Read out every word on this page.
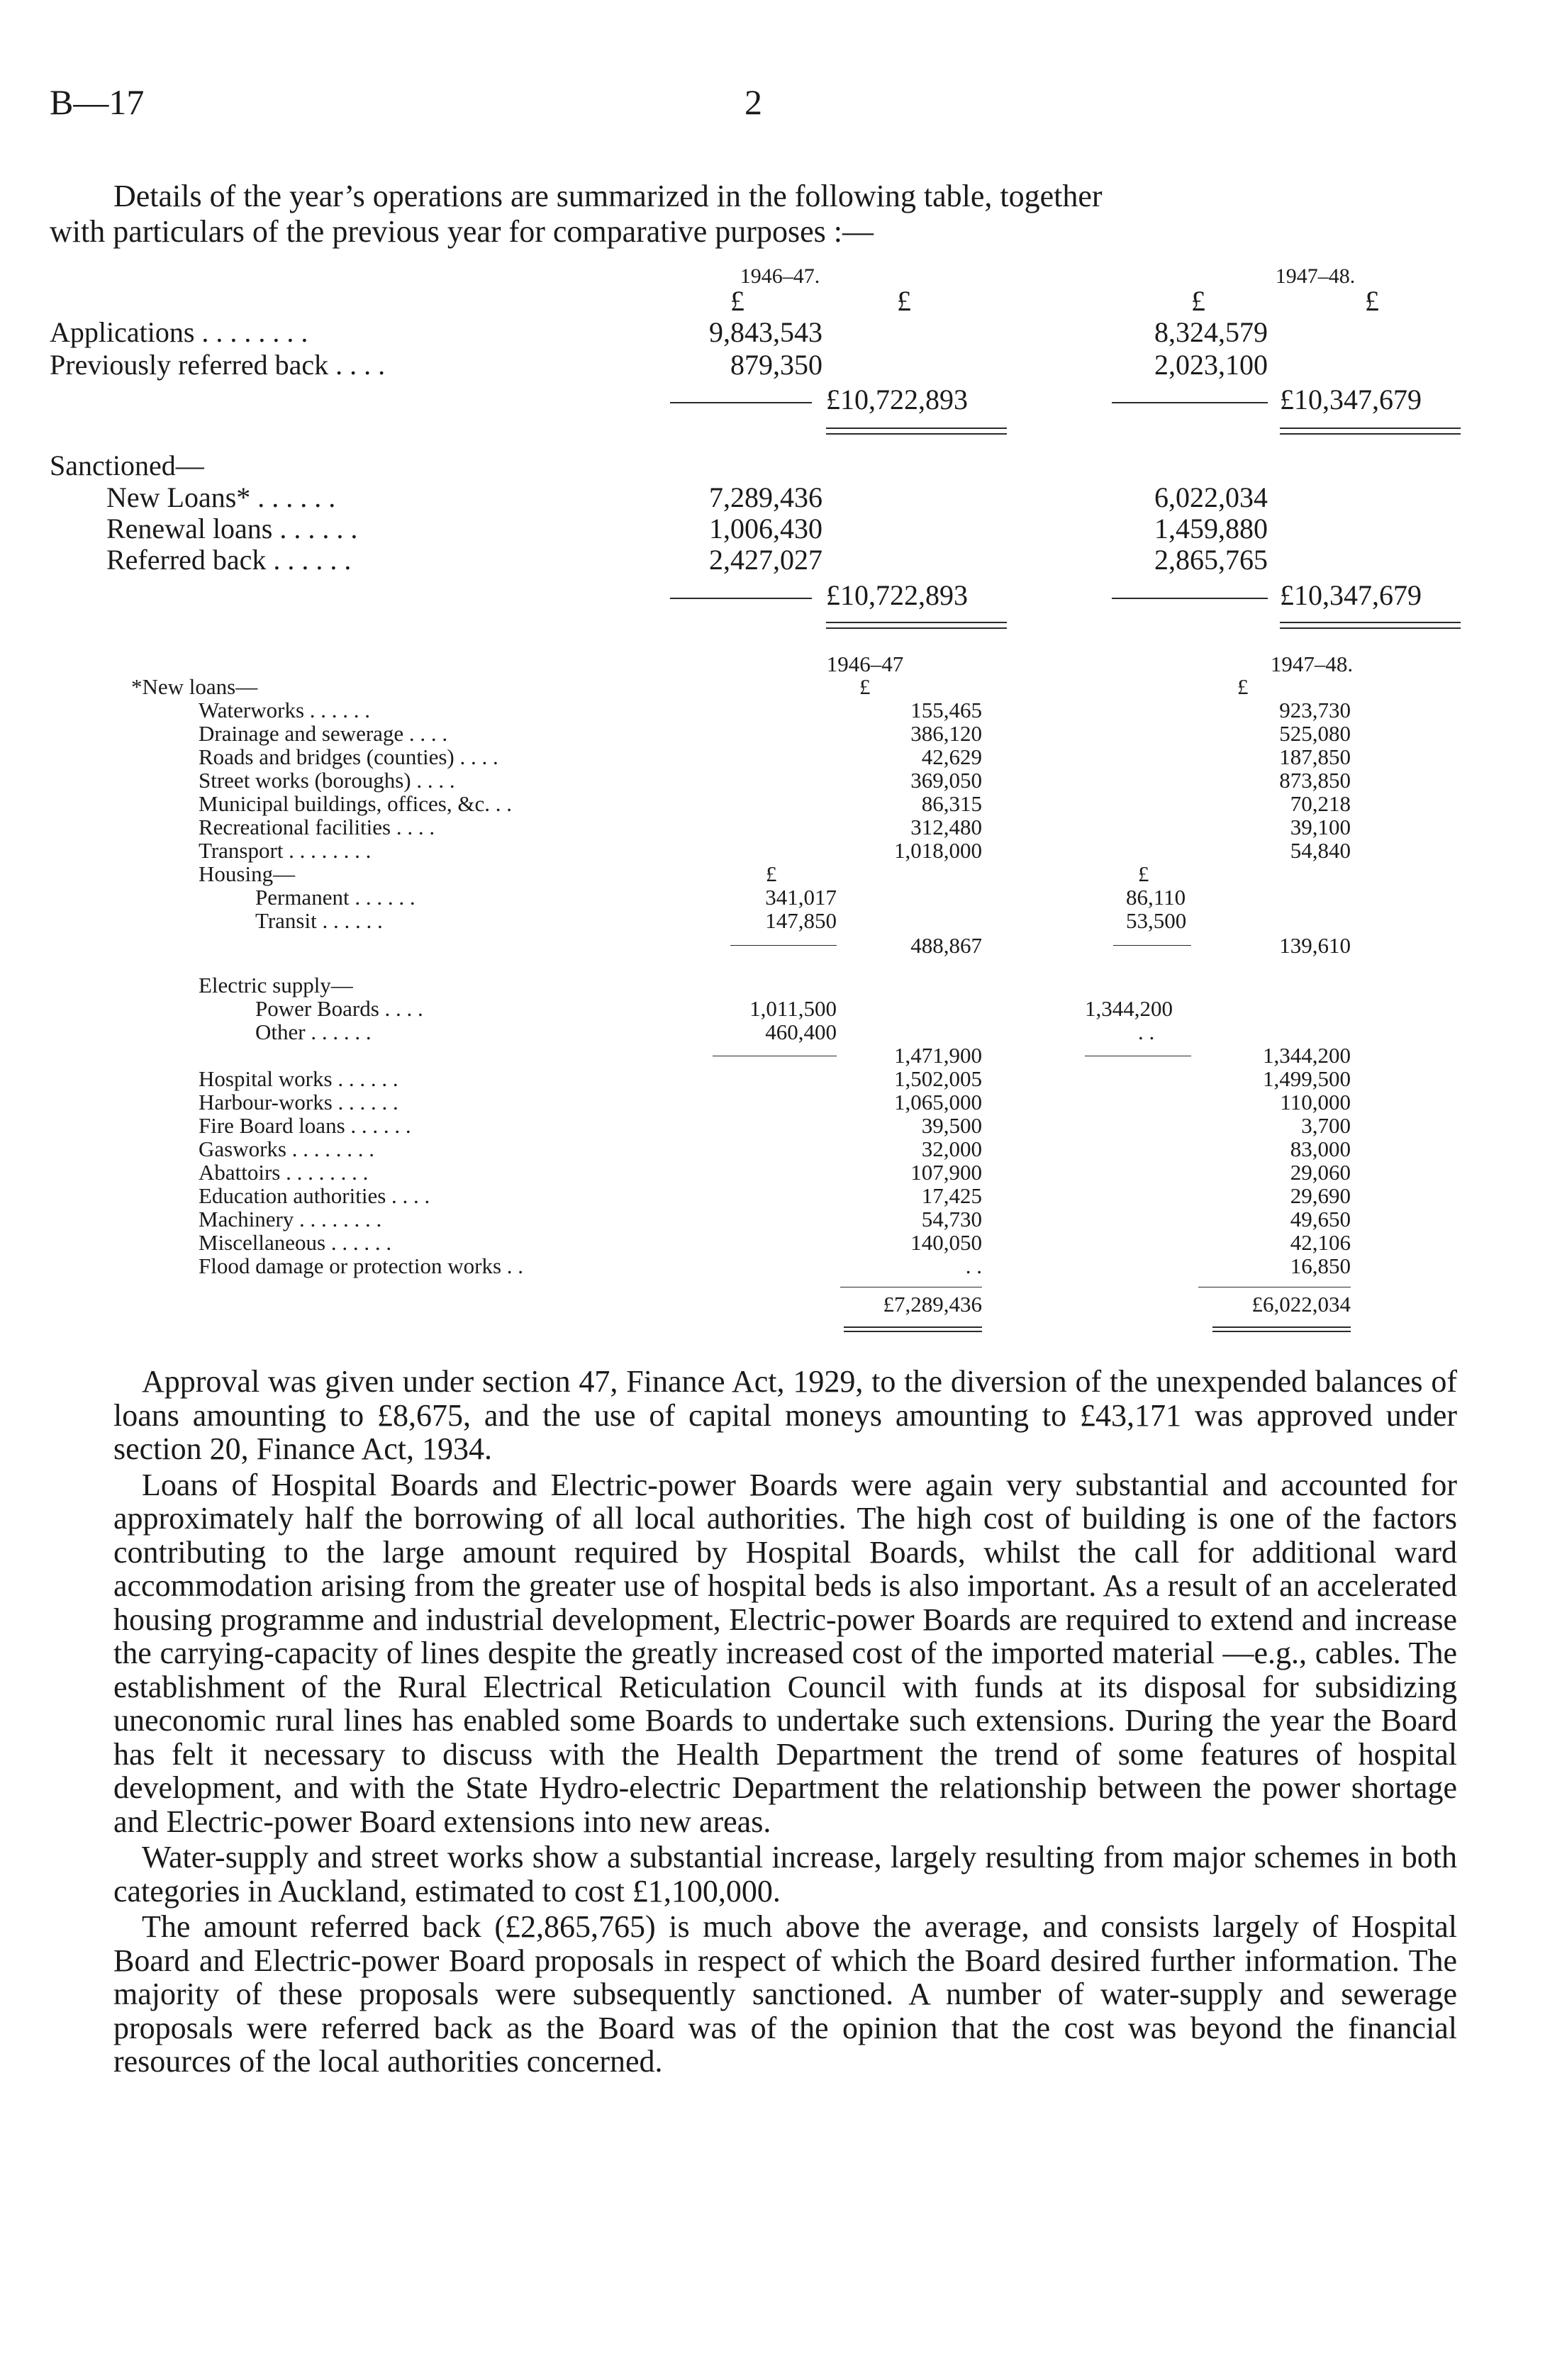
B—17	2
Details of the year’s operations are summarized in the following table, together
with particulars of the previous year for comparative purposes :—
1946–47.	1947–48.
£	£	£	£
Applications . . . . . . . .	9,843,543	8,324,579
Previously referred back . . . .	879,350	2,023,100
£10,722,893	£10,347,679
Sanctioned—
New Loans* . . . . . .	7,289,436	6,022,034
Renewal loans . . . . . .	1,006,430	1,459,880
Referred back . . . . . .	2,427,027	2,865,765
£10,722,893	£10,347,679
1946–47	1947–48.
*New loans—	£	£
Waterworks . . . . . .	155,465	923,730
Drainage and sewerage . . . .	386,120	525,080
Roads and bridges (counties) . . . .	42,629	187,850
Street works (boroughs) . . . .	369,050	873,850
Municipal buildings, offices, &c. . .	86,315	70,218
Recreational facilities . . . .	312,480	39,100
Transport . . . . . . . .	1,018,000	54,840
Housing—	£	£
Permanent . . . . . .	341,017	86,110
Transit . . . . . .	147,850	53,500
488,867	139,610
Electric supply—
Power Boards . . . .	1,011,500	1,344,200
Other . . . . . .	460,400	. .
1,471,900	1,344,200
Hospital works . . . . . .	1,502,005	1,499,500
Harbour-works . . . . . .	1,065,000	110,000
Fire Board loans . . . . . .	39,500	3,700
Gasworks . . . . . . . .	32,000	83,000
Abattoirs . . . . . . . .	107,900	29,060
Education authorities . . . .	17,425	29,690
Machinery . . . . . . . .	54,730	49,650
Miscellaneous . . . . . .	140,050	42,106
Flood damage or protection works . .	. .	16,850
£7,289,436	£6,022,034

Approval was given under section 47, Finance Act, 1929, to the diversion of the unexpended balances of loans amounting to £8,675, and the use of capital moneys amounting to £43,171 was approved under section 20, Finance Act, 1934.

Loans of Hospital Boards and Electric-power Boards were again very substantial and accounted for approximately half the borrowing of all local authorities. The high cost of building is one of the factors contributing to the large amount required by Hospital Boards, whilst the call for additional ward accommodation arising from the greater use of hospital beds is also important. As a result of an accelerated housing programme and industrial development, Electric-power Boards are required to extend and increase the carrying-capacity of lines despite the greatly increased cost of the imported material —e.g., cables. The establishment of the Rural Electrical Reticulation Council with funds at its disposal for subsidizing uneconomic rural lines has enabled some Boards to undertake such extensions. During the year the Board has felt it necessary to discuss with the Health Department the trend of some features of hospital development, and with the State Hydro-electric Department the relationship between the power shortage and Electric-power Board extensions into new areas.

Water-supply and street works show a substantial increase, largely resulting from major schemes in both categories in Auckland, estimated to cost £1,100,000.

The amount referred back (£2,865,765) is much above the average, and consists largely of Hospital Board and Electric-power Board proposals in respect of which the Board desired further information. The majority of these proposals were subsequently sanctioned. A number of water-supply and sewerage proposals were referred back as the Board was of the opinion that the cost was beyond the financial resources of the local authorities concerned.
